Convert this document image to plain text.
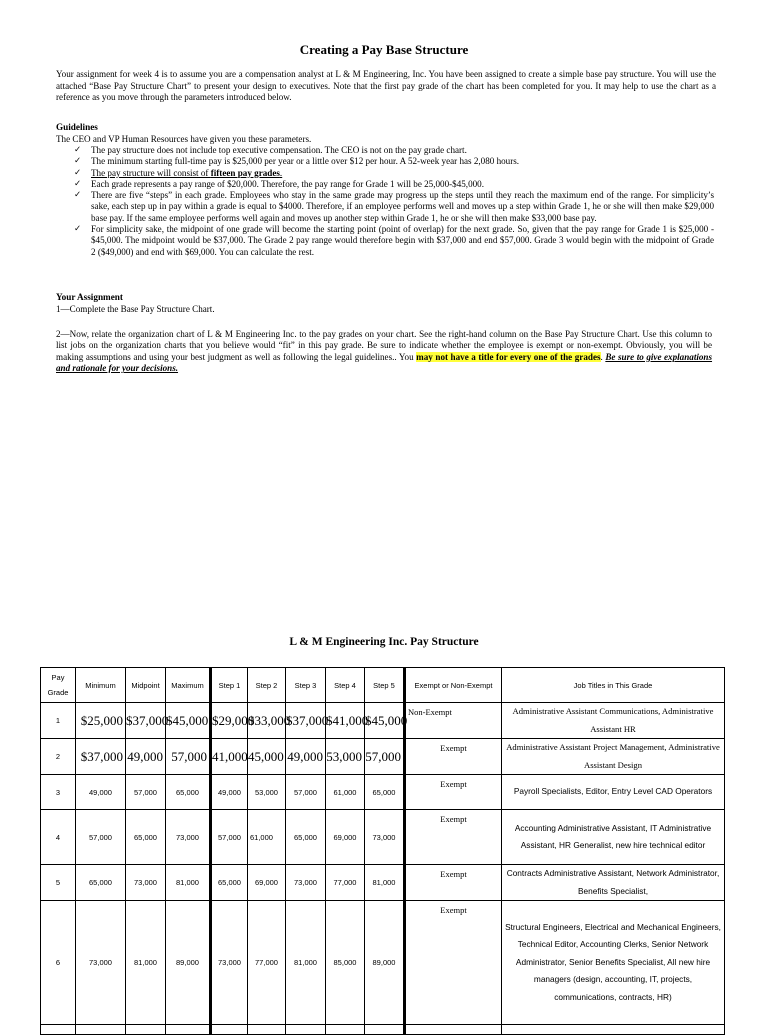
Creating a Pay Base Structure
Your assignment for week 4 is to assume you are a compensation analyst at L & M Engineering, Inc. You have been assigned to create a simple base pay structure. You will use the attached “Base Pay Structure Chart” to present your design to executives. Note that the first pay grade of the chart has been completed for you. It may help to use the chart as a reference as you move through the parameters introduced below.
Guidelines
The CEO and VP Human Resources have given you these parameters.
✓ The pay structure does not include top executive compensation. The CEO is not on the pay grade chart.
✓ The minimum starting full-time pay is $25,000 per year or a little over $12 per hour. A 52-week year has 2,080 hours.
✓ The pay structure will consist of fifteen pay grades.
✓ Each grade represents a pay range of $20,000. Therefore, the pay range for Grade 1 will be 25,000-$45,000.
✓ There are five “steps” in each grade. Employees who stay in the same grade may progress up the steps until they reach the maximum end of the range. For simplicity’s sake, each step up in pay within a grade is equal to $4000. Therefore, if an employee performs well and moves up a step within Grade 1, he or she will then make $29,000 base pay. If the same employee performs well again and moves up another step within Grade 1, he or she will then make $33,000 base pay.
✓ For simplicity sake, the midpoint of one grade will become the starting point (point of overlap) for the next grade. So, given that the pay range for Grade 1 is $25,000 - $45,000. The midpoint would be $37,000. The Grade 2 pay range would therefore begin with $37,000 and end $57,000. Grade 3 would begin with the midpoint of Grade 2 ($49,000) and end with $69,000. You can calculate the rest.
Your Assignment
1—Complete the Base Pay Structure Chart.
2—Now, relate the organization chart of L & M Engineering Inc. to the pay grades on your chart. See the right-hand column on the Base Pay Structure Chart. Use this column to list jobs on the organization charts that you believe would “fit” in this pay grade. Be sure to indicate whether the employee is exempt or non-exempt. Obviously, you will be making assumptions and using your best judgment as well as following the legal guidelines.. You may not have a title for every one of the grades. Be sure to give explanations and rationale for your decisions.
L & M Engineering Inc. Pay Structure
Pay Grade	Minimum	Midpoint	Maximum	Step 1	Step 2	Step 3	Step 4	Step 5	Exempt or Non-Exempt	Job Titles in This Grade
1	$25,000	$37,000	$45,000	$29,000	$33,000	$37,000	$41,000	$45,000	Non-Exempt	Administrative Assistant Communications, Administrative Assistant HR
2	$37,000	49,000	57,000	41,000	45,000	49,000	53,000	57,000	Exempt	Administrative Assistant Project Management, Administrative Assistant Design
3	49,000	57,000	65,000	49,000	53,000	57,000	61,000	65,000	Exempt	Payroll Specialists, Editor, Entry Level CAD Operators
4	57,000	65,000	73,000	57,000	61,000	65,000	69,000	73,000	Exempt	Accounting Administrative Assistant, IT Administrative Assistant, HR Generalist, new hire technical editor
5	65,000	73,000	81,000	65,000	69,000	73,000	77,000	81,000	Exempt	Contracts Administrative Assistant, Network Administrator, Benefits Specialist,
6	73,000	81,000	89,000	73,000	77,000	81,000	85,000	89,000	Exempt	Structural Engineers, Electrical and Mechanical Engineers, Technical Editor, Accounting Clerks, Senior Network Administrator, Senior Benefits Specialist, All new hire managers (design, accounting, IT, projects, communications, contracts, HR)
